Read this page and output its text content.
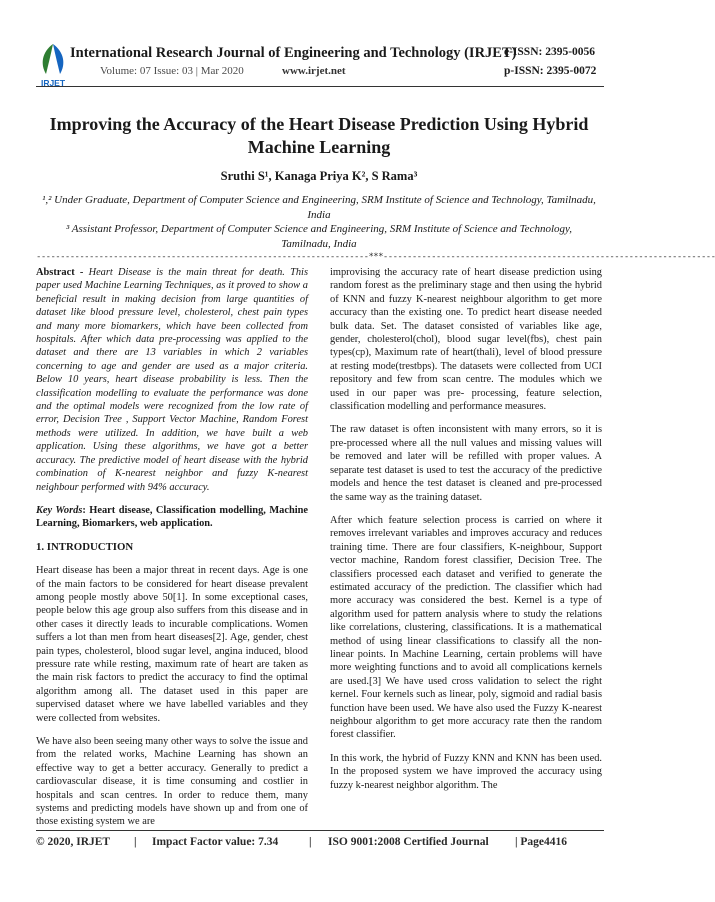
IRJET
International Research Journal of Engineering and Technology (IRJET)
Volume: 07 Issue: 03 | Mar 2020	www.irjet.net
e-ISSN: 2395-0056
p-ISSN: 2395-0072
Improving the Accuracy of the Heart Disease Prediction Using Hybrid Machine Learning
Sruthi S¹, Kanaga Priya K², S Rama³
¹,² Under Graduate, Department of Computer Science and Engineering, SRM Institute of Science and Technology, Tamilnadu, India
³ Assistant Professor, Department of Computer Science and Engineering, SRM Institute of Science and Technology, Tamilnadu, India
---------------------------------------------------------------------***---------------------------------------------------------------------

Abstract - Heart Disease is the main threat for death. This paper used Machine Learning Techniques, as it proved to show a beneficial result in making decision from large quantities of dataset like blood pressure level, cholesterol, chest pain types and many more biomarkers, which have been collected from hospitals. After which data pre-processing was applied to the dataset and there are 13 variables in which 2 variables concerning to age and gender are used as a major criteria. Below 10 years, heart disease probability is less. Then the classification modelling to evaluate the performance was done and the optimal models were recognized from the low rate of error, Decision Tree , Support Vector Machine, Random Forest methods were utilized. In addition, we have built a web application. Using these algorithms, we have got a better accuracy. The predictive model of heart disease with the hybrid combination of K-nearest neighbor and fuzzy K-nearest neighbour performed with 94% accuracy.

Key Words: Heart disease, Classification modelling, Machine Learning, Biomarkers, web application.

1. INTRODUCTION

Heart disease has been a major threat in recent days. Age is one of the main factors to be considered for heart disease prevalent among people mostly above 50[1]. In some exceptional cases, people below this age group also suffers from this disease and in other cases it directly leads to incurable complications. Women suffers a lot than men from heart diseases[2]. Age, gender, chest pain types, cholesterol, blood sugar level, angina induced, blood pressure rate while resting, maximum rate of heart are taken as the main risk factors to predict the accuracy to find the optimal algorithm among all. The dataset used in this paper are supervised dataset where we have labelled variables and they were collected from websites.

We have also been seeing many other ways to solve the issue and from the related works, Machine Learning has shown an effective way to get a better accuracy. Generally to predict a cardiovascular disease, it is time consuming and costlier in hospitals and scan centres. In order to reduce them, many systems and predicting models have shown up and from one of those existing system we are

improvising the accuracy rate of heart disease prediction using random forest as the preliminary stage and then using the hybrid of KNN and fuzzy K-nearest neighbour algorithm to get more accuracy than the existing one. To predict heart disease needed bulk data. Set. The dataset consisted of variables like age, gender, cholesterol(chol), blood sugar level(fbs), chest pain types(cp), Maximum rate of heart(thali), level of blood pressure at resting mode(trestbps). The datasets were collected from UCI repository and few from scan centre. The modules which we used in our paper was pre- processing, feature selection, classification modelling and performance measures.

The raw dataset is often inconsistent with many errors, so it is pre-processed where all the null values and missing values will be removed and later will be refilled with proper values. A separate test dataset is used to test the accuracy of the predictive models and hence the test dataset is cleaned and pre-processed the same way as the training dataset.

After which feature selection process is carried on where it removes irrelevant variables and improves accuracy and reduces training time. There are four classifiers, K-neighbour, Support vector machine, Random forest classifier, Decision Tree. The classifiers processed each dataset and verified to generate the estimated accuracy of the prediction. The classifier which had more accuracy was considered the best. Kernel is a type of algorithm used for pattern analysis where to study the relations like correlations, clustering, classifications. It is a mathematical method of using linear classifications to classify all the non-linear points. In Machine Learning, certain problems will have more weighting functions and to avoid all complications kernels are used.[3] We have used cross validation to select the right kernel. Four kernels such as linear, poly, sigmoid and radial basis function have been used. We have also used the Fuzzy K-nearest neighbour algorithm to get more accuracy rate then the random forest classifier.

In this work, the hybrid of Fuzzy KNN and KNN has been used. In the proposed system we have improved the accuracy using fuzzy k-nearest neighbor algorithm. The

© 2020, IRJET | Impact Factor value: 7.34	| ISO 9001:2008 Certified Journal | Page4416
